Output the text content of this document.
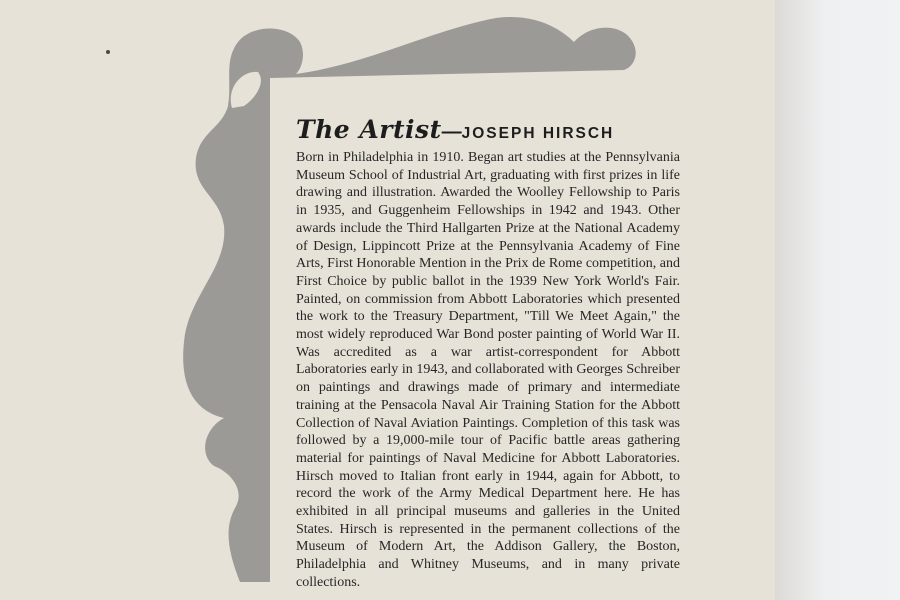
The Artist—JOSEPH HIRSCH

Born in Philadelphia in 1910. Began art studies at the Pennsylvania Museum School of Industrial Art, graduating with first prizes in life drawing and illustration. Awarded the Woolley Fellowship to Paris in 1935, and Guggenheim Fellowships in 1942 and 1943. Other awards include the Third Hallgarten Prize at the National Academy of Design, Lippincott Prize at the Pennsylvania Academy of Fine Arts, First Honorable Mention in the Prix de Rome competition, and First Choice by public ballot in the 1939 New York World's Fair. Painted, on commission from Abbott Laboratories which presented the work to the Treasury Department, "Till We Meet Again," the most widely reproduced War Bond poster painting of World War II. Was accredited as a war artist-correspondent for Abbott Laboratories early in 1943, and collaborated with Georges Schreiber on paintings and drawings made of primary and intermediate training at the Pensacola Naval Air Training Station for the Abbott Collection of Naval Aviation Paintings. Completion of this task was followed by a 19,000-mile tour of Pacific battle areas gathering material for paintings of Naval Medicine for Abbott Laboratories. Hirsch moved to Italian front early in 1944, again for Abbott, to record the work of the Army Medical Department here. He has exhibited in all principal museums and galleries in the United States. Hirsch is represented in the permanent collections of the Museum of Modern Art, the Addison Gallery, the Boston, Philadelphia and Whitney Museums, and in many private collections.
